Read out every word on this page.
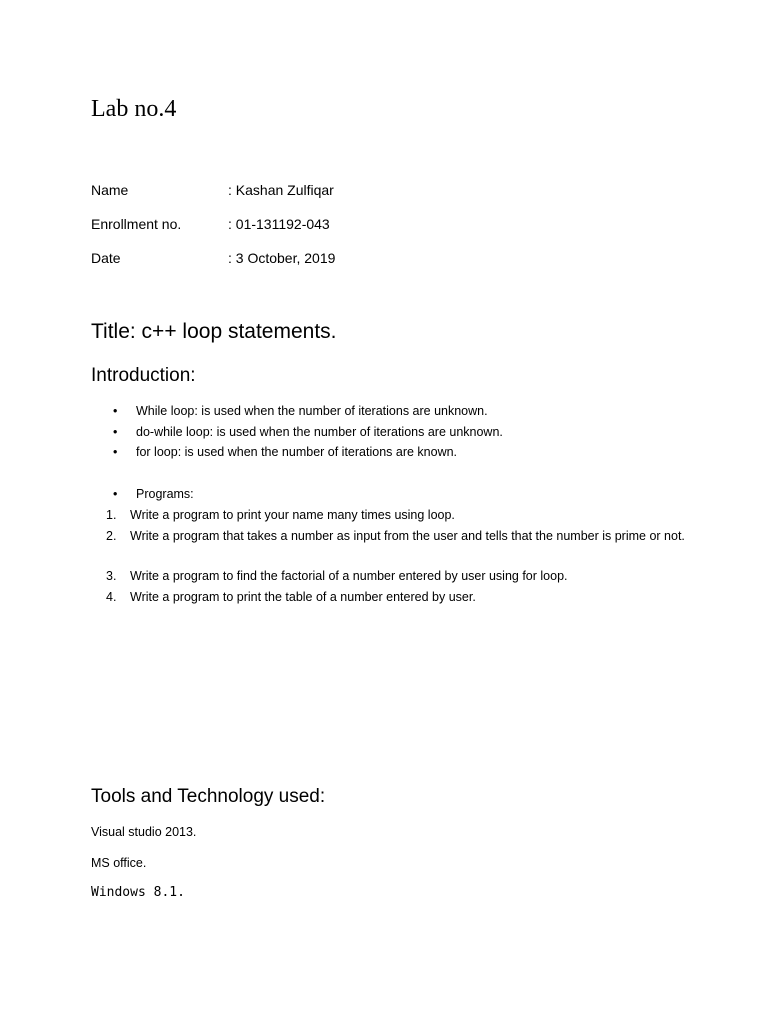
Lab no.4
Name	: Kashan Zulfiqar
Enrollment no.	: 01-131192-043
Date	: 3 October, 2019
Title: c++ loop statements.
Introduction:
• While loop: is used when the number of iterations are unknown.
• do-while loop: is used when the number of iterations are unknown.
• for loop: is used when the number of iterations are known.
• Programs:
1. Write a program to print your name many times using loop.
2. Write a program that takes a number as input from the user and tells that the number is prime or not.
3. Write a program to find the factorial of a number entered by user using for loop.
4. Write a program to print the table of a number entered by user.
Tools and Technology used:
Visual studio 2013.
MS office.
Windows 8.1.
